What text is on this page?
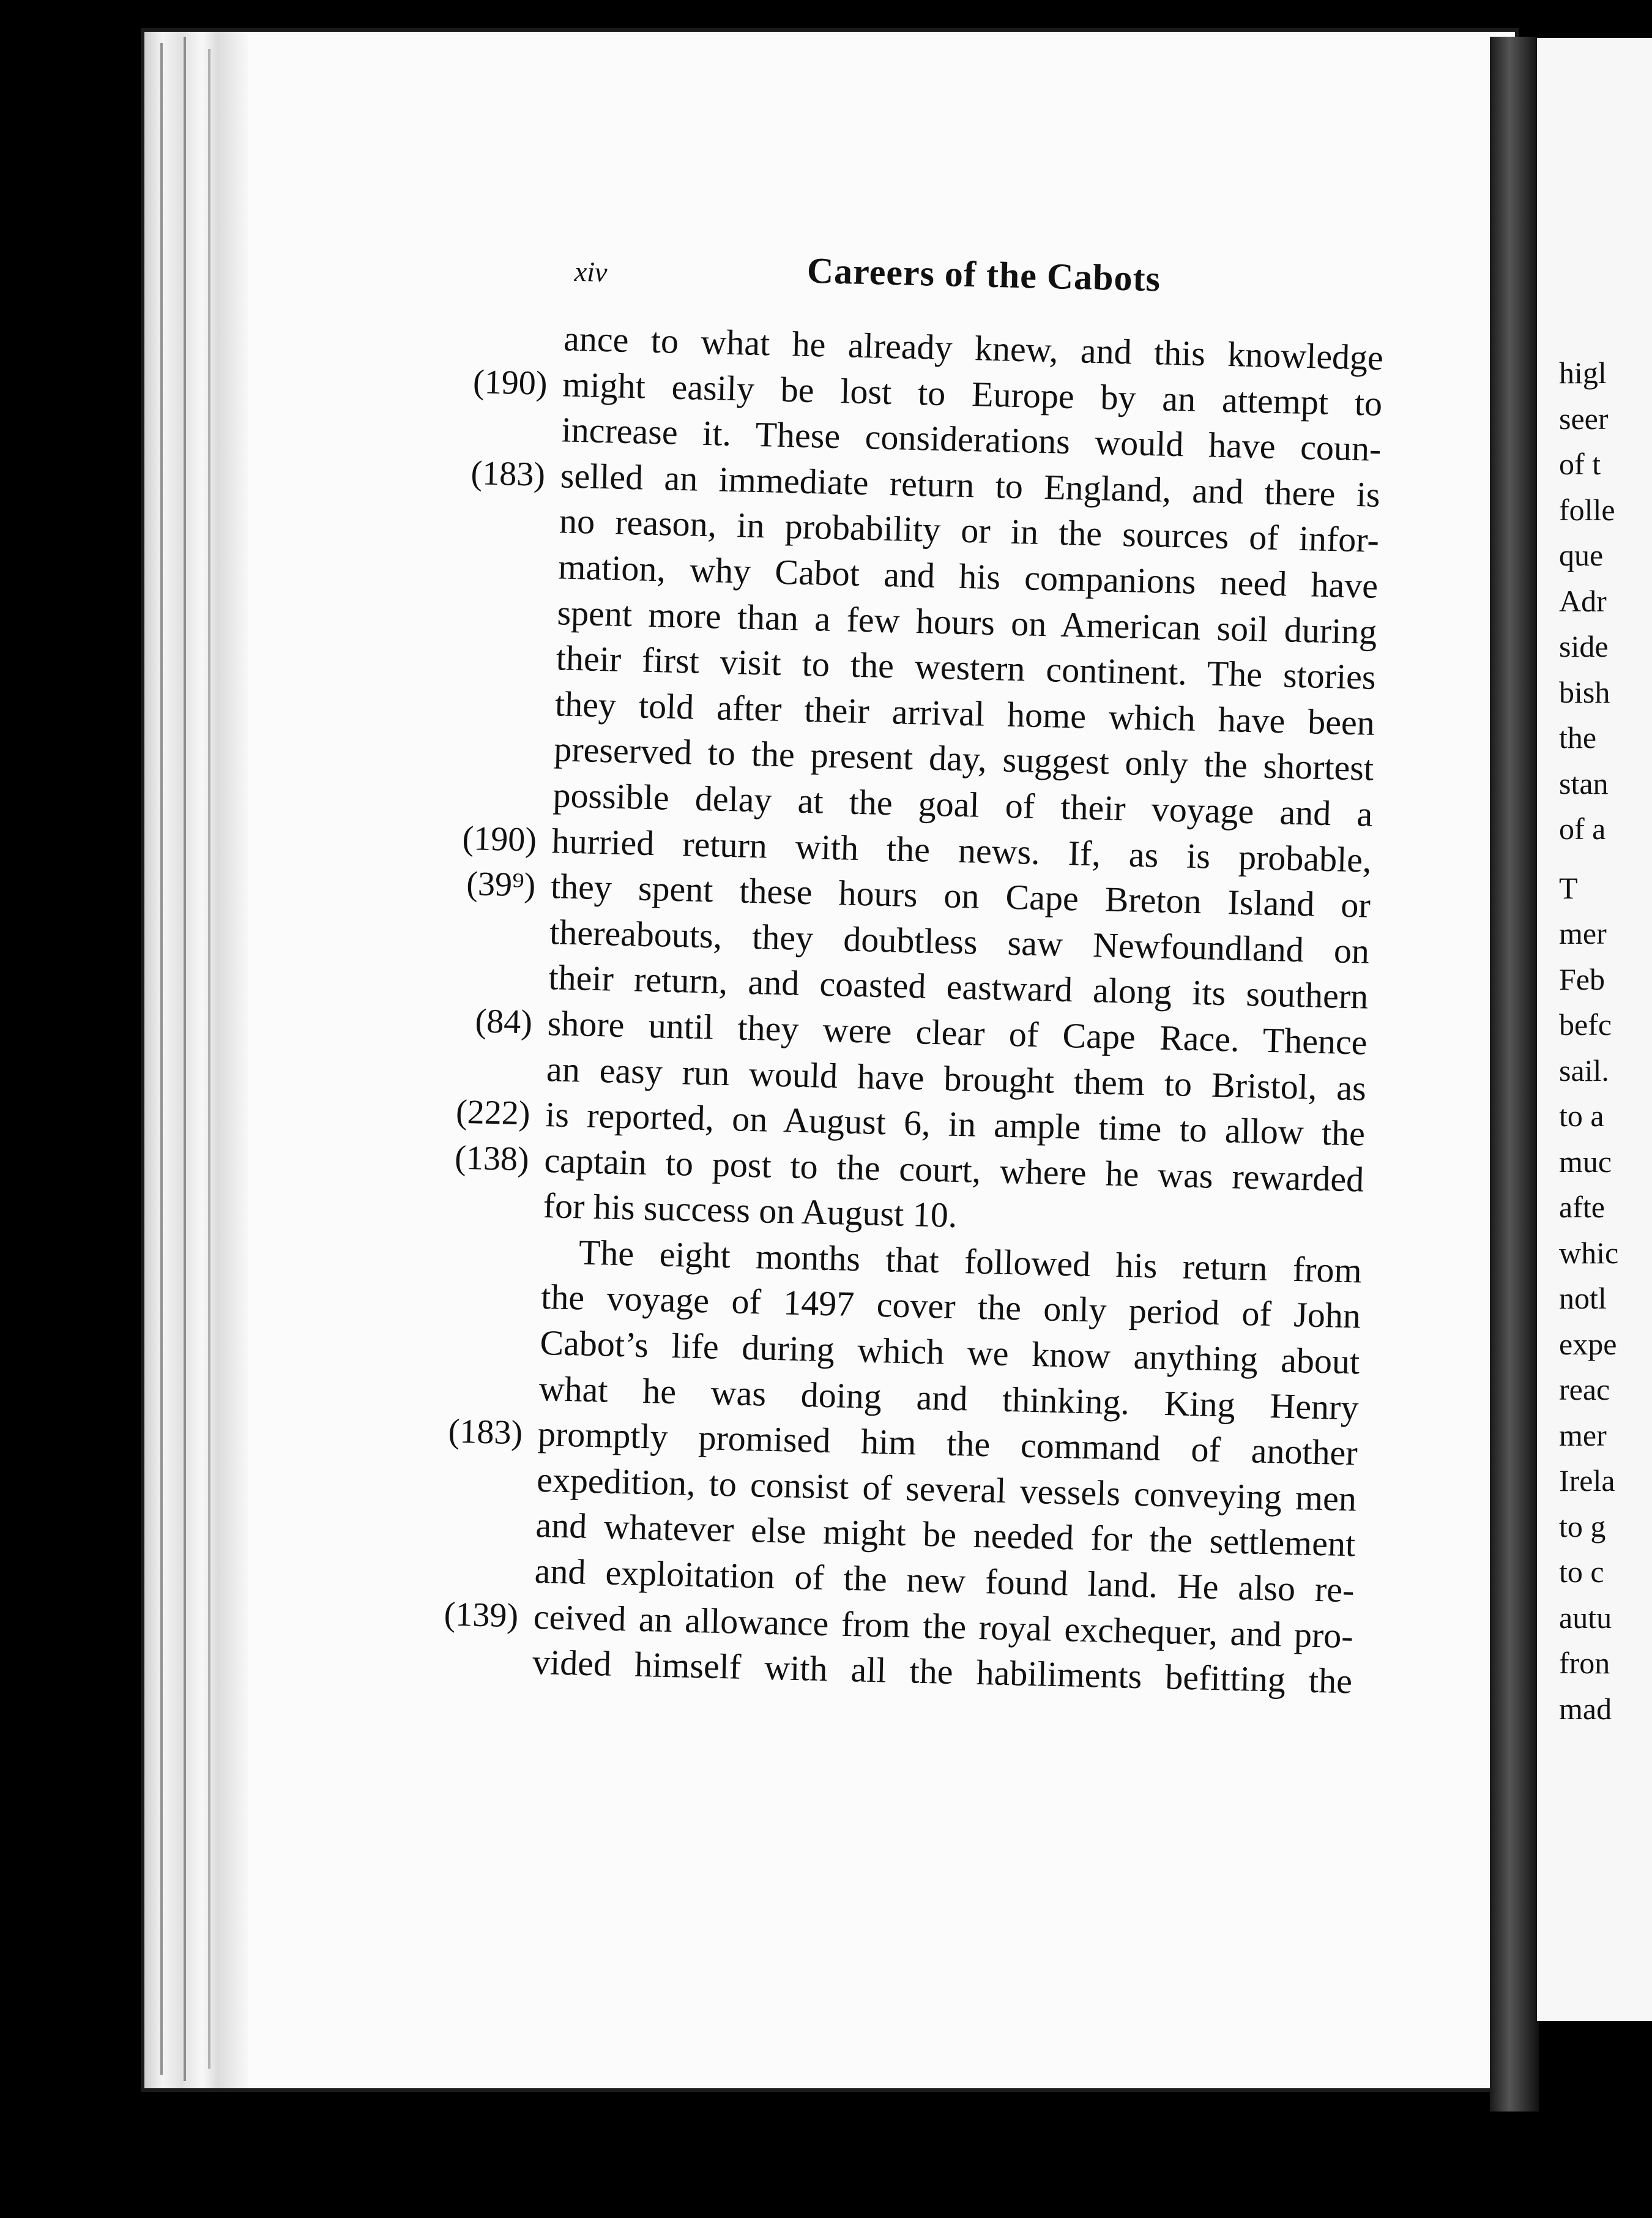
xiv	Careers of the Cabots
ance to what he already knew, and this knowledge
(190) might easily be lost to Europe by an attempt to
increase it. These considerations would have coun-
(183) selled an immediate return to England, and there is
no reason, in probability or in the sources of infor-
mation, why Cabot and his companions need have
spent more than a few hours on American soil during
their first visit to the western continent. The stories
they told after their arrival home which have been
preserved to the present day, suggest only the shortest
possible delay at the goal of their voyage and a
(190) hurried return with the news. If, as is probable,
(39⁹) they spent these hours on Cape Breton Island or
thereabouts, they doubtless saw Newfoundland on
their return, and coasted eastward along its southern
(84) shore until they were clear of Cape Race. Thence
an easy run would have brought them to Bristol, as
(222) is reported, on August 6, in ample time to allow the
(138) captain to post to the court, where he was rewarded
for his success on August 10.
The eight months that followed his return from
the voyage of 1497 cover the only period of John
Cabot’s life during which we know anything about
what he was doing and thinking. King Henry
(183) promptly promised him the command of another
expedition, to consist of several vessels conveying men
and whatever else might be needed for the settlement
and exploitation of the new found land. He also re-
(139) ceived an allowance from the royal exchequer, and pro-
vided himself with all the habiliments befitting the
higl
seer
of t
folle
que
Adr
side
bish
the
stan
of a
T
mer
Feb
befc
sail.
to a
muc
afte
whic
notl
expe
reac
mer
Irela
to g
to c
autu
fron
mad
